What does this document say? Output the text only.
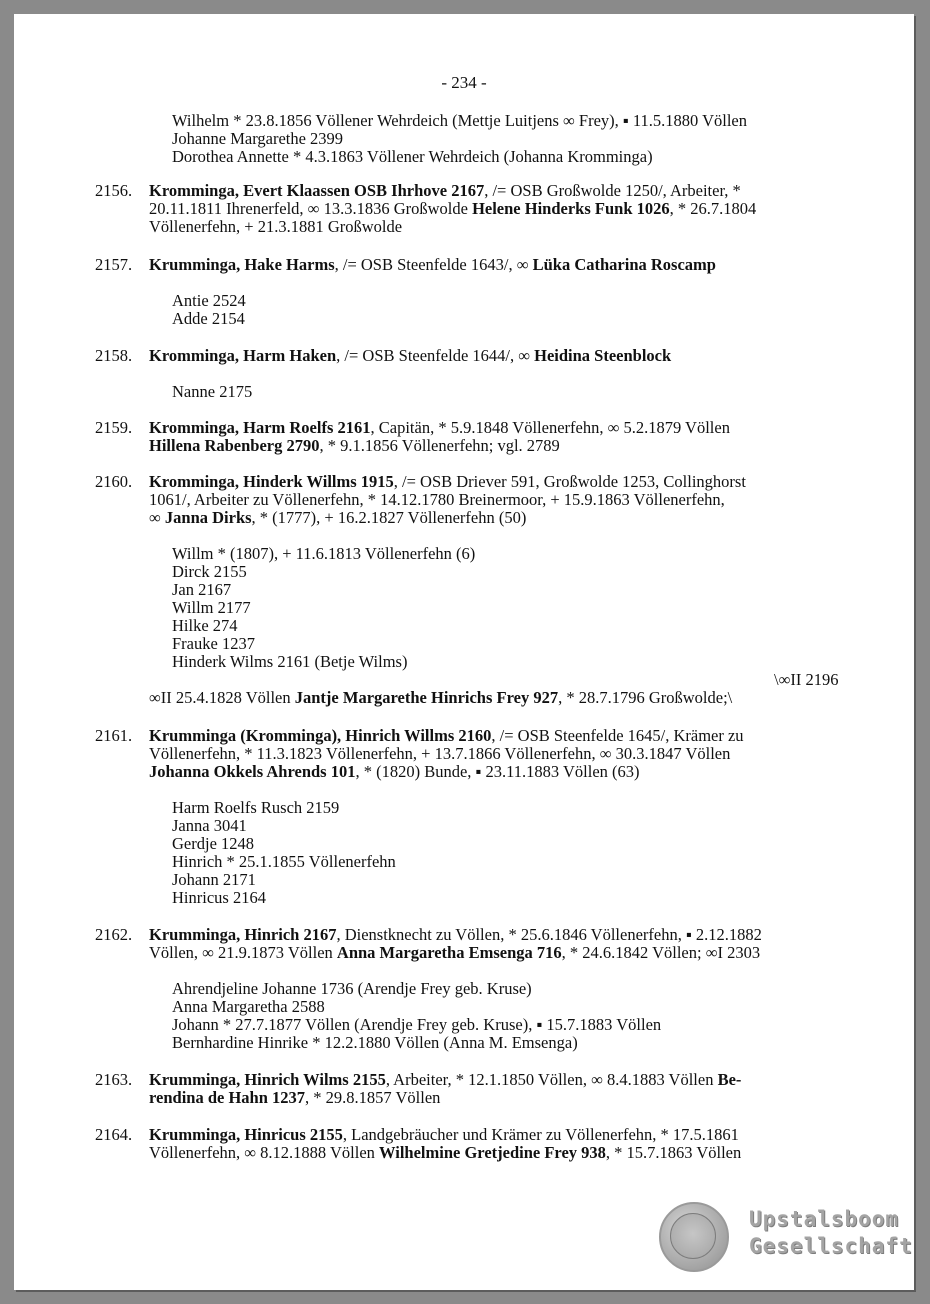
- 234 -
Wilhelm * 23.8.1856 Völlener Wehrdeich (Mettje Luitjens ∞ Frey), ▪ 11.5.1880 Völlen
Johanne Margarethe 2399
Dorothea Annette * 4.3.1863 Völlener Wehrdeich (Johanna Kromminga)
2156. Kromminga, Evert Klaassen OSB Ihrhove 2167, /= OSB Großwolde 1250/, Arbeiter, *
20.11.1811 Ihrenerfeld, ∞ 13.3.1836 Großwolde Helene Hinderks Funk 1026, * 26.7.1804
Völlenerfehn, + 21.3.1881 Großwolde
2157. Krumminga, Hake Harms, /= OSB Steenfelde 1643/, ∞ Lüka Catharina Roscamp
Antie 2524
Adde 2154
2158. Kromminga, Harm Haken, /= OSB Steenfelde 1644/, ∞ Heidina Steenblock
Nanne 2175
2159. Kromminga, Harm Roelfs 2161, Capitän, * 5.9.1848 Völlenerfehn, ∞ 5.2.1879 Völlen
Hillena Rabenberg 2790, * 9.1.1856 Völlenerfehn; vgl. 2789
2160. Kromminga, Hinderk Willms 1915, /= OSB Driever 591, Großwolde 1253, Collinghorst
1061/, Arbeiter zu Völlenerfehn, * 14.12.1780 Breinermoor, + 15.9.1863 Völlenerfehn,
∞ Janna Dirks, * (1777), + 16.2.1827 Völlenerfehn (50)
Willm * (1807), + 11.6.1813 Völlenerfehn (6)
Dirck 2155
Jan 2167
Willm 2177
Hilke 274
Frauke 1237
Hinderk Wilms 2161 (Betje Wilms)
\∞II 2196
∞II 25.4.1828 Völlen Jantje Margarethe Hinrichs Frey 927, * 28.7.1796 Großwolde;\
2161. Krumminga (Kromminga), Hinrich Willms 2160, /= OSB Steenfelde 1645/, Krämer zu
Völlenerfehn, * 11.3.1823 Völlenerfehn, + 13.7.1866 Völlenerfehn, ∞ 30.3.1847 Völlen
Johanna Okkels Ahrends 101, * (1820) Bunde, ▪ 23.11.1883 Völlen (63)
Harm Roelfs Rusch 2159
Janna 3041
Gerdje 1248
Hinrich * 25.1.1855 Völlenerfehn
Johann 2171
Hinricus 2164
2162. Krumminga, Hinrich 2167, Dienstknecht zu Völlen, * 25.6.1846 Völlenerfehn, ▪ 2.12.1882
Völlen, ∞ 21.9.1873 Völlen Anna Margaretha Emsenga 716, * 24.6.1842 Völlen; ∞I 2303
Ahrendjeline Johanne 1736 (Arendje Frey geb. Kruse)
Anna Margaretha 2588
Johann * 27.7.1877 Völlen (Arendje Frey geb. Kruse), ▪ 15.7.1883 Völlen
Bernhardine Hinrike * 12.2.1880 Völlen (Anna M. Emsenga)
2163. Krumminga, Hinrich Wilms 2155, Arbeiter, * 12.1.1850 Völlen, ∞ 8.4.1883 Völlen Be-
rendina de Hahn 1237, * 29.8.1857 Völlen
2164. Krumminga, Hinricus 2155, Landgebräucher und Krämer zu Völlenerfehn, * 17.5.1861
Völlenerfehn, ∞ 8.12.1888 Völlen Wilhelmine Gretjedine Frey 938, * 15.7.1863 Völlen
Upstalsboom
Gesellschaft
